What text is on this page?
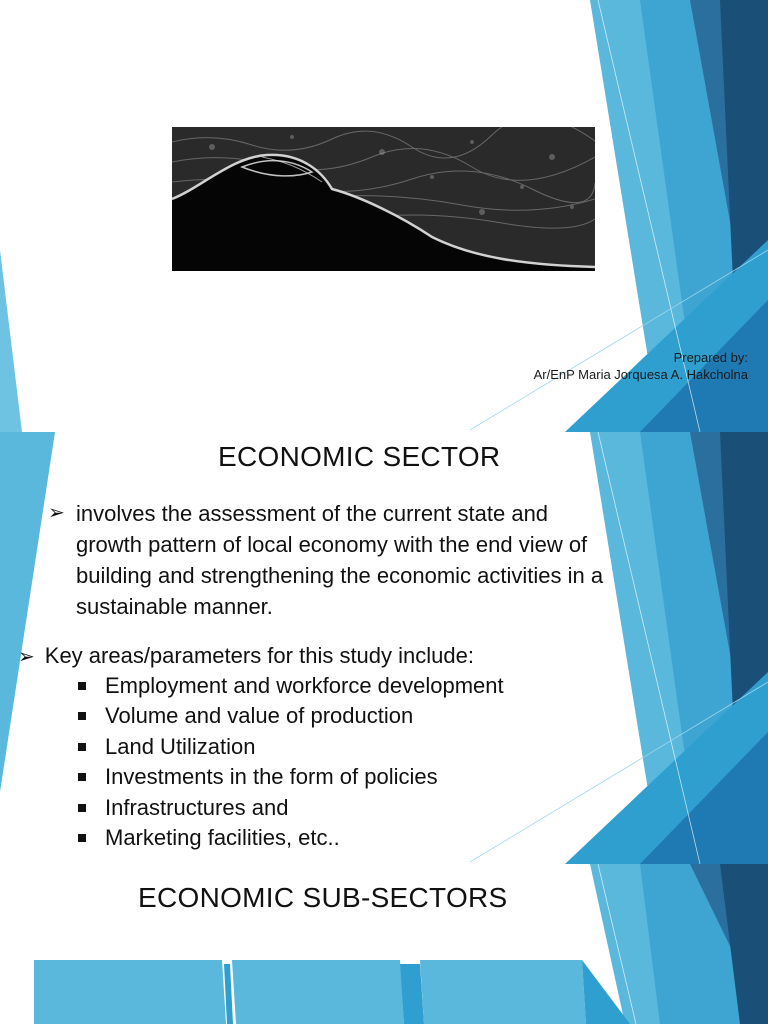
Prepared by:
Ar/EnP Maria Jorquesa A. Hakcholna
ECONOMIC SECTOR
➢ involves the assessment of the current state and growth pattern of local economy with the end view of building and strengthening the economic activities in a sustainable manner.
➢ Key areas/parameters for this study include:
Employment and workforce development
Volume and value of production
Land Utilization
Investments in the form of policies
Infrastructures and
Marketing facilities, etc..
ECONOMIC SUB-SECTORS
